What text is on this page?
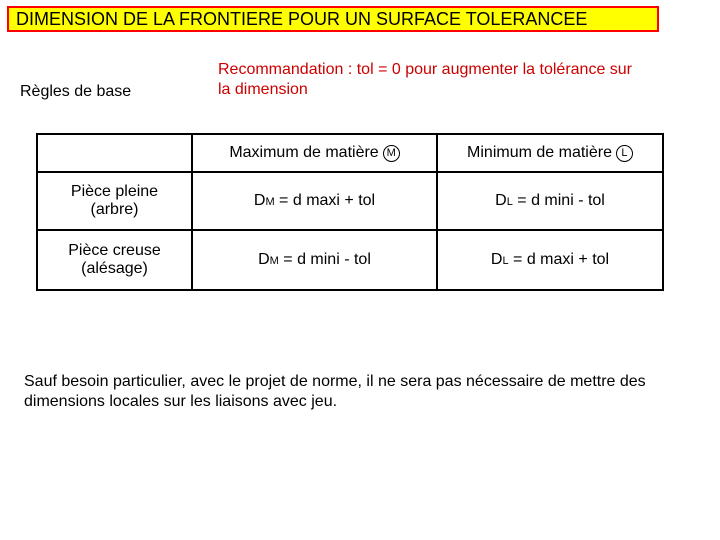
DIMENSION DE LA FRONTIERE POUR UN SURFACE TOLERANCEE
Règles de base
Recommandation : tol = 0 pour augmenter la tolérance sur la dimension
	Maximum de matière M	Minimum de matière L

Pièce pleine
(arbre)	DM = d maxi + tol	DL = d mini - tol

Pièce creuse
(alésage)	DM = d mini - tol	DL = d maxi + tol
Sauf besoin particulier, avec le projet de norme, il ne sera pas nécessaire de mettre des dimensions locales sur les liaisons avec jeu.
